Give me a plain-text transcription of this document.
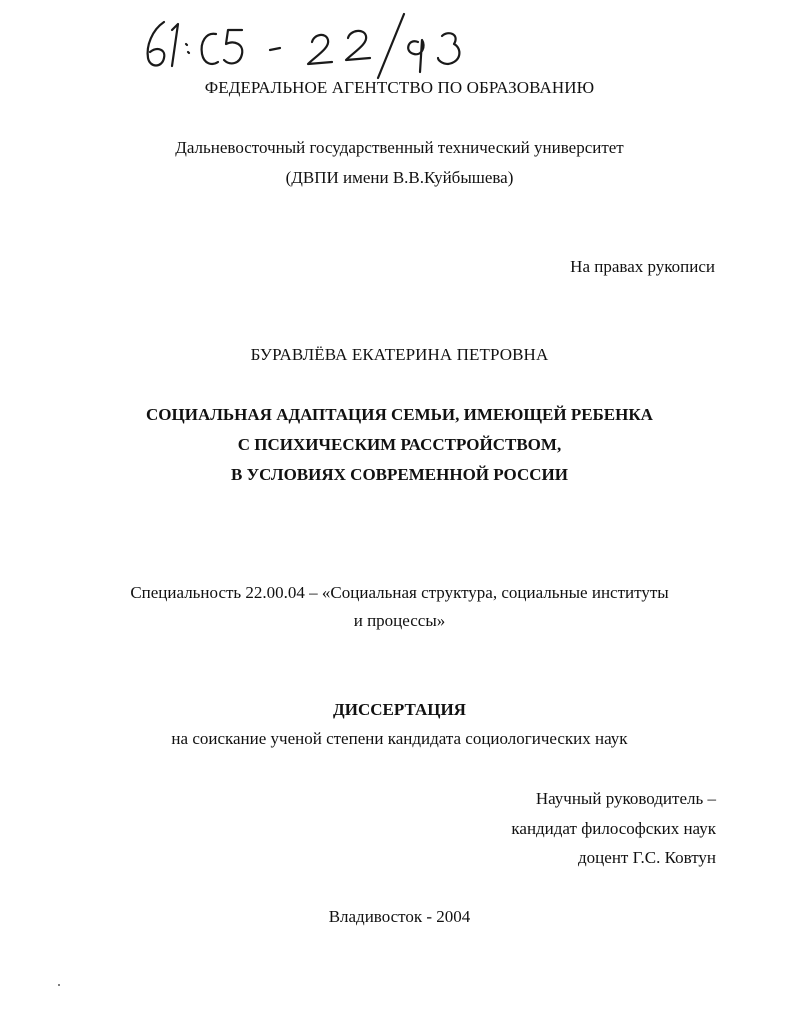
ФЕДЕРАЛЬНОЕ АГЕНТСТВО ПО ОБРАЗОВАНИЮ
Дальневосточный государственный технический университет
(ДВПИ имени В.В.Куйбышева)
На правах рукописи
БУРАВЛЁВА ЕКАТЕРИНА ПЕТРОВНА
СОЦИАЛЬНАЯ АДАПТАЦИЯ СЕМЬИ, ИМЕЮЩЕЙ РЕБЕНКА
С ПСИХИЧЕСКИМ РАССТРОЙСТВОМ,
В УСЛОВИЯХ СОВРЕМЕННОЙ РОССИИ
Специальность 22.00.04 – «Социальная структура, социальные институты
и процессы»
ДИССЕРТАЦИЯ
на соискание ученой степени кандидата социологических наук
Научный руководитель –
кандидат философских наук
доцент Г.С. Ковтун
Владивосток - 2004
